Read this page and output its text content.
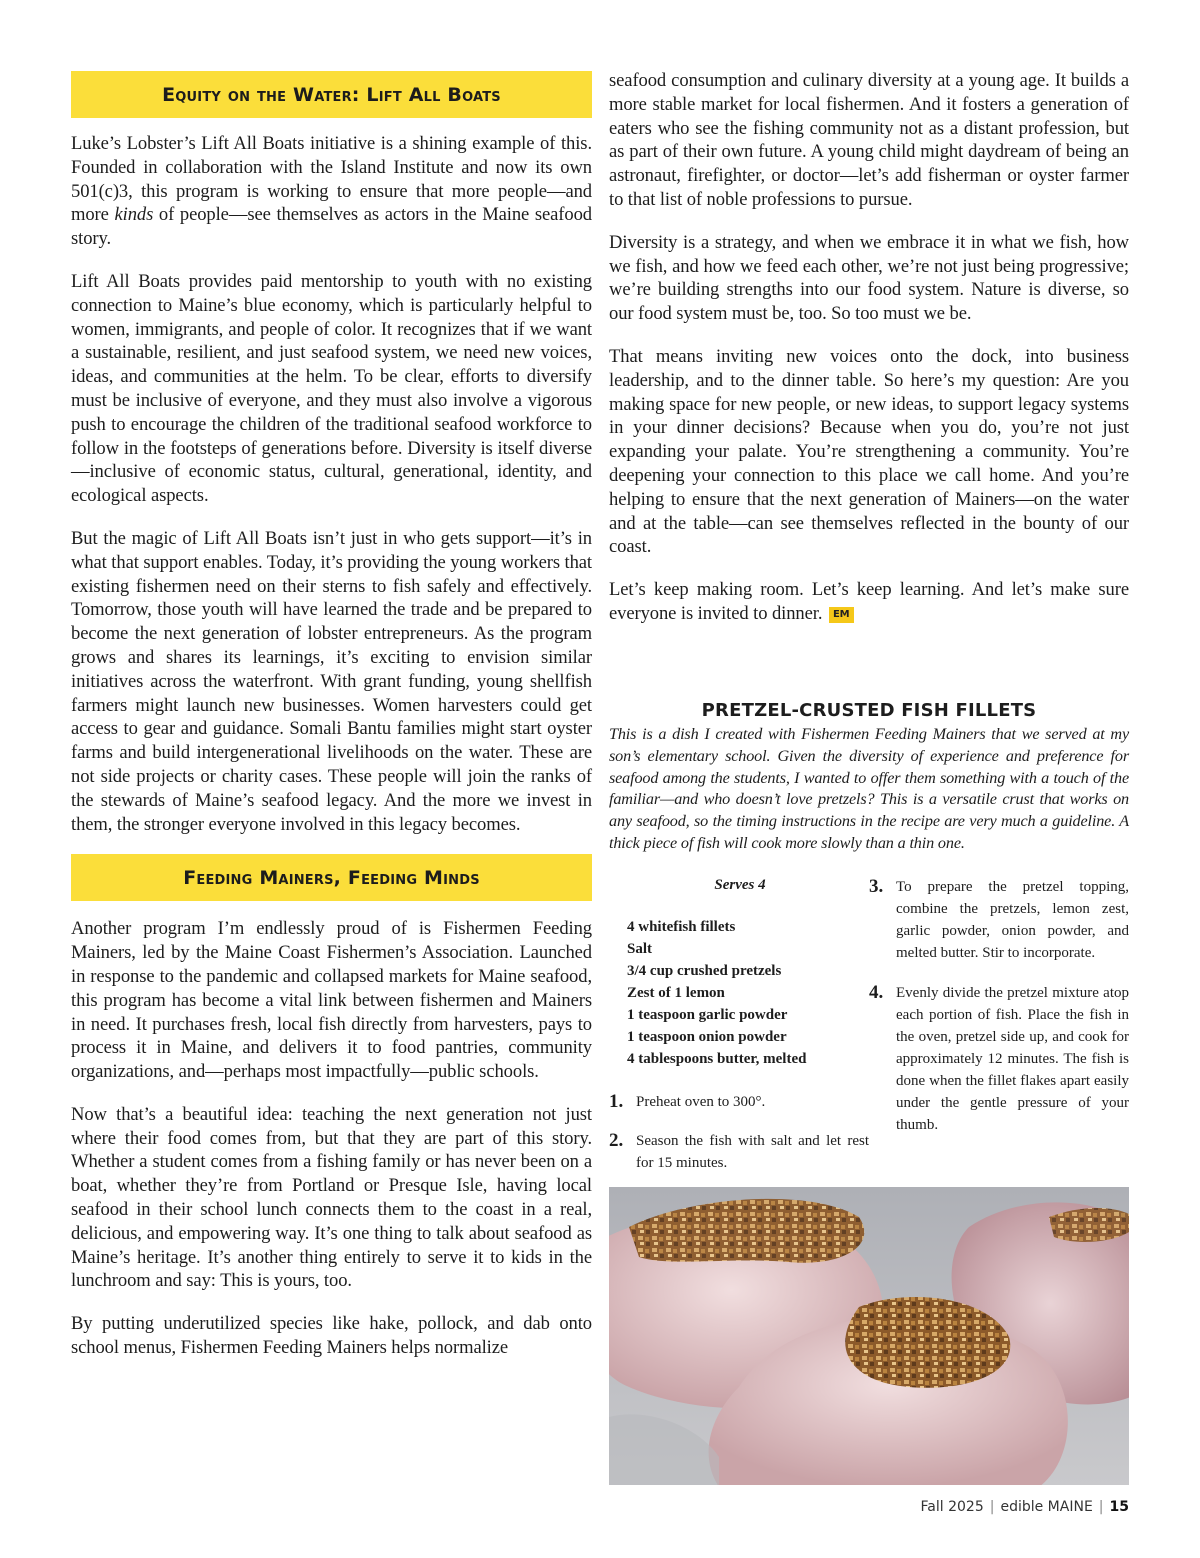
Equity on the Water: Lift All Boats

Luke’s Lobster’s Lift All Boats initiative is a shining example of this. Founded in collaboration with the Island Institute and now its own 501(c)3, this program is working to ensure that more people—and more kinds of people—see themselves as actors in the Maine seafood story.

Lift All Boats provides paid mentorship to youth with no existing connection to Maine’s blue economy, which is particularly helpful to women, immigrants, and people of color. It recognizes that if we want a sustainable, resilient, and just seafood system, we need new voices, ideas, and communities at the helm. To be clear, efforts to diversify must be inclusive of everyone, and they must also involve a vigorous push to encourage the children of the traditional seafood workforce to follow in the footsteps of generations before. Diversity is itself diverse—inclusive of economic status, cultural, generational, identity, and ecological aspects.

But the magic of Lift All Boats isn’t just in who gets support—it’s in what that support enables. Today, it’s providing the young workers that existing fishermen need on their sterns to fish safely and effectively. Tomorrow, those youth will have learned the trade and be prepared to become the next generation of lobster entrepreneurs. As the program grows and shares its learnings, it’s exciting to envision similar initiatives across the waterfront. With grant funding, young shellfish farmers might launch new businesses. Women harvesters could get access to gear and guidance. Somali Bantu families might start oyster farms and build intergenerational livelihoods on the water. These are not side projects or charity cases. These people will join the ranks of the stewards of Maine’s seafood legacy. And the more we invest in them, the stronger everyone involved in this legacy becomes.

Feeding Mainers, Feeding Minds

Another program I’m endlessly proud of is Fishermen Feeding Mainers, led by the Maine Coast Fishermen’s Association. Launched in response to the pandemic and collapsed markets for Maine seafood, this program has become a vital link between fishermen and Mainers in need. It purchases fresh, local fish directly from harvesters, pays to process it in Maine, and delivers it to food pantries, community organizations, and—perhaps most impactfully—public schools.

Now that’s a beautiful idea: teaching the next generation not just where their food comes from, but that they are part of this story. Whether a student comes from a fishing family or has never been on a boat, whether they’re from Portland or Presque Isle, having local seafood in their school lunch connects them to the coast in a real, delicious, and empowering way. It’s one thing to talk about seafood as Maine’s heritage. It’s another thing entirely to serve it to kids in the lunchroom and say: This is yours, too.

By putting underutilized species like hake, pollock, and dab onto school menus, Fishermen Feeding Mainers helps normalize

seafood consumption and culinary diversity at a young age. It builds a more stable market for local fishermen. And it fosters a generation of eaters who see the fishing community not as a distant profession, but as part of their own future. A young child might daydream of being an astronaut, firefighter, or doctor—let’s add fisherman or oyster farmer to that list of noble professions to pursue.

Diversity is a strategy, and when we embrace it in what we fish, how we fish, and how we feed each other, we’re not just being progressive; we’re building strengths into our food system. Nature is diverse, so our food system must be, too. So too must we be.

That means inviting new voices onto the dock, into business leadership, and to the dinner table. So here’s my question: Are you making space for new people, or new ideas, to support legacy systems in your dinner decisions? Because when you do, you’re not just expanding your palate. You’re strengthening a community. You’re deepening your connection to this place we call home. And you’re helping to ensure that the next generation of Mainers—on the water and at the table—can see themselves reflected in the bounty of our coast.

Let’s keep making room. Let’s keep learning. And let’s make sure everyone is invited to dinner. EM

PRETZEL-CRUSTED FISH FILLETS

This is a dish I created with Fishermen Feeding Mainers that we served at my son’s elementary school. Given the diversity of experience and preference for seafood among the students, I wanted to offer them something with a touch of the familiar—and who doesn’t love pretzels? This is a versatile crust that works on any seafood, so the timing instructions in the recipe are very much a guideline. A thick piece of fish will cook more slowly than a thin one.

Serves 4
4 whitefish fillets
Salt
3/4 cup crushed pretzels
Zest of 1 lemon
1 teaspoon garlic powder
1 teaspoon onion powder
4 tablespoons butter, melted
1. Preheat oven to 300°.
2. Season the fish with salt and let rest for 15 minutes.
3. To prepare the pretzel topping, combine the pretzels, lemon zest, garlic powder, onion powder, and melted butter. Stir to incorporate.
4. Evenly divide the pretzel mixture atop each portion of fish. Place the fish in the oven, pretzel side up, and cook for approximately 12 minutes. The fish is done when the fillet flakes apart easily under the gentle pressure of your thumb.
Fall 2025 | edible MAINE | 15
